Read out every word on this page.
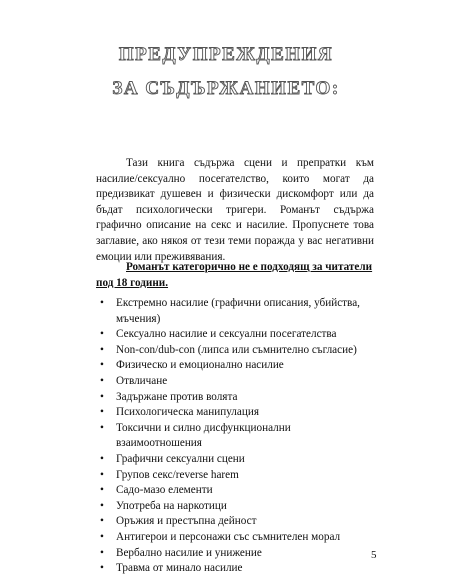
ПРЕДУПРЕЖДЕНИЯ
ЗА СЪДЪРЖАНИЕТО:

Тази книга съдържа сцени и препратки към насилие/сексуално посегателство, които могат да предизвикат душевен и физически дискомфорт или да бъдат психологически тригери. Романът съдържа графично описание на секс и насилие. Пропуснете това заглавие, ако някоя от тези теми поражда у вас негативни емоции или преживявания.

Романът категорично не е подходящ за читатели под 18 години.

• Екстремно насилие (графични описания, убийства, мъчения)
• Сексуално насилие и сексуални посегателства
• Non-con/dub-con (липса или съмнително съгласие)
• Физическо и емоционално насилие
• Отвличане
• Задържане против волята
• Психологическа манипулация
• Токсични и силно дисфункционални взаимоотношения
• Графични сексуални сцени
• Групов секс/reverse harem
• Садо-мазо елементи
• Употреба на наркотици
• Оръжия и престъпна дейност
• Антигерои и персонажи със съмнителен морал
• Вербално насилие и унижение
• Травма от минало насилие
5
